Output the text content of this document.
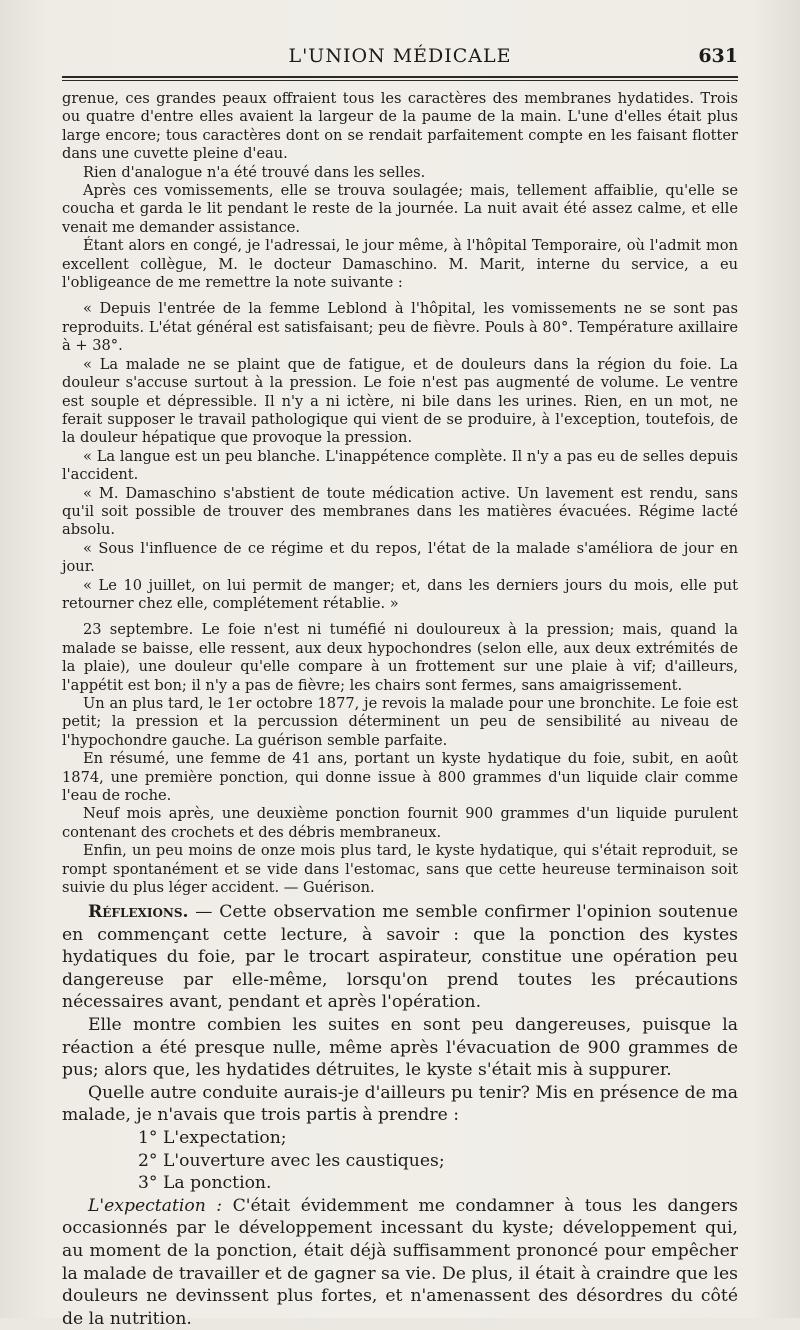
L'UNION MÉDICALE	631

grenue, ces grandes peaux offraient tous les caractères des membranes hydatides. Trois ou quatre d'entre elles avaient la largeur de la paume de la main. L'une d'elles était plus large encore; tous caractères dont on se rendait parfaitement compte en les faisant flotter dans une cuvette pleine d'eau.

Rien d'analogue n'a été trouvé dans les selles.

Après ces vomissements, elle se trouva soulagée; mais, tellement affaiblie, qu'elle se coucha et garda le lit pendant le reste de la journée. La nuit avait été assez calme, et elle venait me demander assistance.

Étant alors en congé, je l'adressai, le jour même, à l'hôpital Temporaire, où l'admit mon excellent collègue, M. le docteur Damaschino. M. Marit, interne du service, a eu l'obligeance de me remettre la note suivante :

« Depuis l'entrée de la femme Leblond à l'hôpital, les vomissements ne se sont pas reproduits. L'état général est satisfaisant; peu de fièvre. Pouls à 80°. Température axillaire à + 38°.

« La malade ne se plaint que de fatigue, et de douleurs dans la région du foie. La douleur s'accuse surtout à la pression. Le foie n'est pas augmenté de volume. Le ventre est souple et dépressible. Il n'y a ni ictère, ni bile dans les urines. Rien, en un mot, ne ferait supposer le travail pathologique qui vient de se produire, à l'exception, toutefois, de la douleur hépatique que provoque la pression.

« La langue est un peu blanche. L'inappétence complète. Il n'y a pas eu de selles depuis l'accident.

« M. Damaschino s'abstient de toute médication active. Un lavement est rendu, sans qu'il soit possible de trouver des membranes dans les matières évacuées. Régime lacté absolu.

« Sous l'influence de ce régime et du repos, l'état de la malade s'améliora de jour en jour.

« Le 10 juillet, on lui permit de manger; et, dans les derniers jours du mois, elle put retourner chez elle, complétement rétablie. »

23 septembre. Le foie n'est ni tuméfié ni douloureux à la pression; mais, quand la malade se baisse, elle ressent, aux deux hypochondres (selon elle, aux deux extrémités de la plaie), une douleur qu'elle compare à un frottement sur une plaie à vif; d'ailleurs, l'appétit est bon; il n'y a pas de fièvre; les chairs sont fermes, sans amaigrissement.

Un an plus tard, le 1er octobre 1877, je revois la malade pour une bronchite. Le foie est petit; la pression et la percussion déterminent un peu de sensibilité au niveau de l'hypochondre gauche. La guérison semble parfaite.

En résumé, une femme de 41 ans, portant un kyste hydatique du foie, subit, en août 1874, une première ponction, qui donne issue à 800 grammes d'un liquide clair comme l'eau de roche.

Neuf mois après, une deuxième ponction fournit 900 grammes d'un liquide purulent contenant des crochets et des débris membraneux.

Enfin, un peu moins de onze mois plus tard, le kyste hydatique, qui s'était reproduit, se rompt spontanément et se vide dans l'estomac, sans que cette heureuse terminaison soit suivie du plus léger accident. — Guérison.

Réflexions. — Cette observation me semble confirmer l'opinion soutenue en commençant cette lecture, à savoir : que la ponction des kystes hydatiques du foie, par le trocart aspirateur, constitue une opération peu dangereuse par elle-même, lorsqu'on prend toutes les précautions nécessaires avant, pendant et après l'opération.

Elle montre combien les suites en sont peu dangereuses, puisque la réaction a été presque nulle, même après l'évacuation de 900 grammes de pus; alors que, les hydatides détruites, le kyste s'était mis à suppurer.

Quelle autre conduite aurais-je d'ailleurs pu tenir? Mis en présence de ma malade, je n'avais que trois partis à prendre :

1° L'expectation;

2° L'ouverture avec les caustiques;

3° La ponction.

L'expectation : C'était évidemment me condamner à tous les dangers occasionnés par le développement incessant du kyste; développement qui, au moment de la ponction, était déjà suffisamment prononcé pour empêcher la malade de travailler et de gagner sa vie. De plus, il était à craindre que les douleurs ne devinssent plus fortes, et n'amenassent des désordres du côté de la nutrition.
